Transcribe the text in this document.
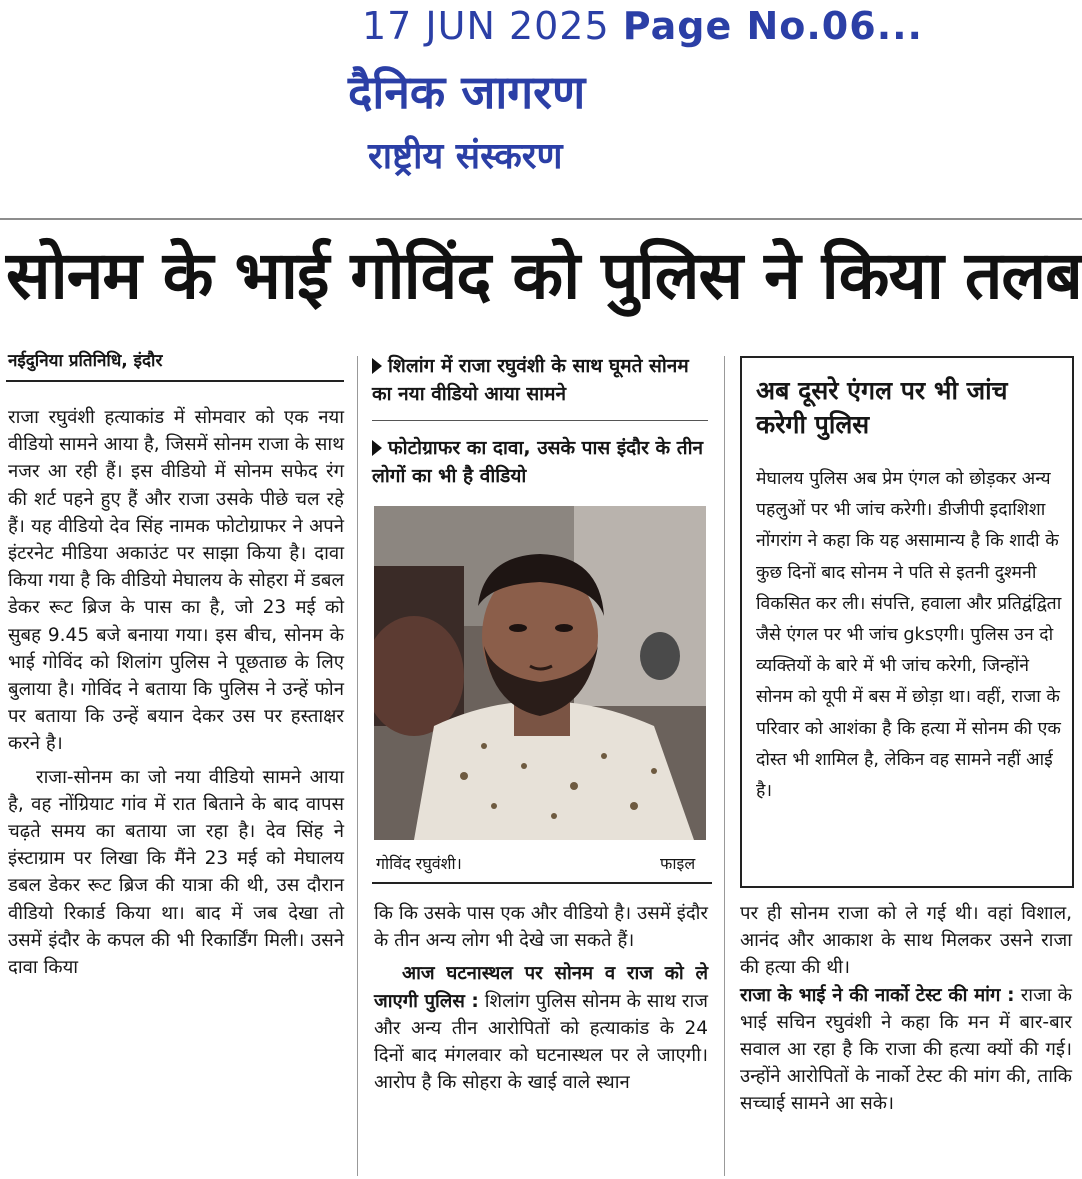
17 JUN 2025 Page No.06...
दैनिक जागरण
राष्ट्रीय संस्करण
सोनम के भाई गोविंद को पुलिस ने किया तलब
नईदुनिया प्रतिनिधि, इंदौर

राजा रघुवंशी हत्याकांड में सोमवार को एक नया वीडियो सामने आया है, जिसमें सोनम राजा के साथ नजर आ रही हैं। इस वीडियो में सोनम सफेद रंग की शर्ट पहने हुए हैं और राजा उसके पीछे चल रहे हैं। यह वीडियो देव सिंह नामक फोटोग्राफर ने अपने इंटरनेट मीडिया अकाउंट पर साझा किया है। दावा किया गया है कि वीडियो मेघालय के सोहरा में डबल डेकर रूट ब्रिज के पास का है, जो 23 मई को सुबह 9.45 बजे बनाया गया। इस बीच, सोनम के भाई गोविंद को शिलांग पुलिस ने पूछताछ के लिए बुलाया है। गोविंद ने बताया कि पुलिस ने उन्हें फोन पर बताया कि उन्हें बयान देकर उस पर हस्ताक्षर करने है।

राजा-सोनम का जो नया वीडियो सामने आया है, वह नोंग्रियाट गांव में रात बिताने के बाद वापस चढ़ते समय का बताया जा रहा है। देव सिंह ने इंस्टाग्राम पर लिखा कि मैंने 23 मई को मेघालय डबल डेकर रूट ब्रिज की यात्रा की थी, उस दौरान वीडियो रिकार्ड किया था। बाद में जब देखा तो उसमें इंदौर के कपल की भी रिकार्डिंग मिली। उसने दावा किया

शिलांग में राजा रघुवंशी के साथ घूमते सोनम का नया वीडियो आया सामने
फोटोग्राफर का दावा, उसके पास इंदौर के तीन लोगों का भी है वीडियो
गोविंद रघुवंशी।	फाइल

कि कि उसके पास एक और वीडियो है। उसमें इंदौर के तीन अन्य लोग भी देखे जा सकते हैं।

आज घटनास्थल पर सोनम व राज को ले जाएगी पुलिस : शिलांग पुलिस सोनम के साथ राज और अन्य तीन आरोपितों को हत्याकांड के 24 दिनों बाद मंगलवार को घटनास्थल पर ले जाएगी। आरोप है कि सोहरा के खाई वाले स्थान

अब दूसरे एंगल पर भी जांच करेगी पुलिस
मेघालय पुलिस अब प्रेम एंगल को छोड़कर अन्य पहलुओं पर भी जांच करेगी। डीजीपी इदाशिशा नोंगरांग ने कहा कि यह असामान्य है कि शादी के कुछ दिनों बाद सोनम ने पति से इतनी दुश्मनी विकसित कर ली। संपत्ति, हवाला और प्रतिद्वंद्विता जैसे एंगल पर भी जांच gksएगी। पुलिस उन दो व्यक्तियों के बारे में भी जांच करेगी, जिन्होंने सोनम को यूपी में बस में छोड़ा था। वहीं, राजा के परिवार को आशंका है कि हत्या में सोनम की एक दोस्त भी शामिल है, लेकिन वह सामने नहीं आई है।

पर ही सोनम राजा को ले गई थी। वहां विशाल, आनंद और आकाश के साथ मिलकर उसने राजा की हत्या की थी।

राजा के भाई ने की नार्को टेस्ट की मांग : राजा के भाई सचिन रघुवंशी ने कहा कि मन में बार-बार सवाल आ रहा है कि राजा की हत्या क्यों की गई। उन्होंने आरोपितों के नार्को टेस्ट की मांग की, ताकि सच्चाई सामने आ सके।
